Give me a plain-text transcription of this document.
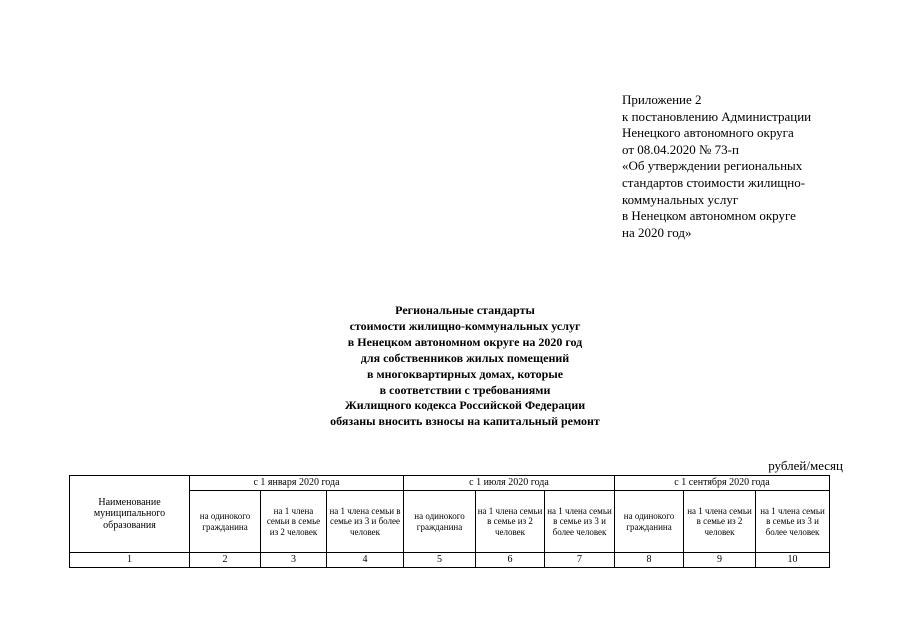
Приложение 2
к постановлению Администрации
Ненецкого автономного округа
от 08.04.2020 № 73-п
«Об утверждении региональных
стандартов стоимости жилищно-
коммунальных услуг
в Ненецком автономном округе
на 2020 год»
Региональные стандарты
стоимости жилищно-коммунальных услуг
в Ненецком автономном округе на 2020 год
для собственников жилых помещений
в многоквартирных домах, которые
в соответствии с требованиями
Жилищного кодекса Российской Федерации
обязаны вносить взносы на капитальный ремонт
рублей/месяц
Наименование муниципального образования	с 1 января 2020 года			с 1 июля 2020 года			с 1 сентября 2020 года		
	на одинокого гражданина	на 1 члена семьи в семье из 2 человек	на 1 члена семьи в семье из 3 и более человек	на одинокого гражданина	на 1 члена семьи в семье из 2 человек	на 1 члена семьи в семье из 3 и более человек	на одинокого гражданина	на 1 члена семьи в семье из 2 человек	на 1 члена семьи в семье из 3 и более человек
1	2	3	4	5	6	7	8	9	10
